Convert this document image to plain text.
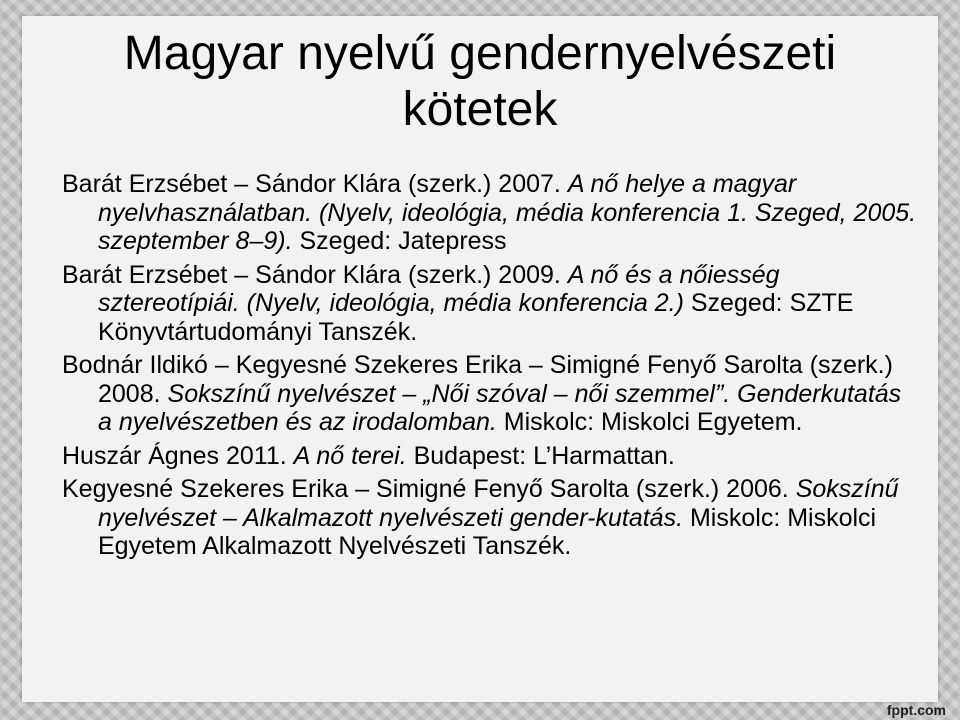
Magyar nyelvű gendernyelvészeti
kötetek
Barát Erzsébet – Sándor Klára (szerk.) 2007. A nő helye a magyar nyelvhasználatban. (Nyelv, ideológia, média konferencia 1. Szeged, 2005. szeptember 8–9). Szeged: Jatepress
Barát Erzsébet – Sándor Klára (szerk.) 2009. A nő és a nőiesség sztereotípiái. (Nyelv, ideológia, média konferencia 2.) Szeged: SZTE Könyvtártudományi Tanszék.
Bodnár Ildikó – Kegyesné Szekeres Erika – Simigné Fenyő Sarolta (szerk.) 2008. Sokszínű nyelvészet – „Női szóval – női szemmel”. Genderkutatás a nyelvészetben és az irodalomban. Miskolc: Miskolci Egyetem.
Huszár Ágnes 2011. A nő terei. Budapest: L’Harmattan.
Kegyesné Szekeres Erika – Simigné Fenyő Sarolta (szerk.) 2006. Sokszínű nyelvészet – Alkalmazott nyelvészeti gender-kutatás. Miskolc: Miskolci Egyetem Alkalmazott Nyelvészeti Tanszék.
fppt.com
